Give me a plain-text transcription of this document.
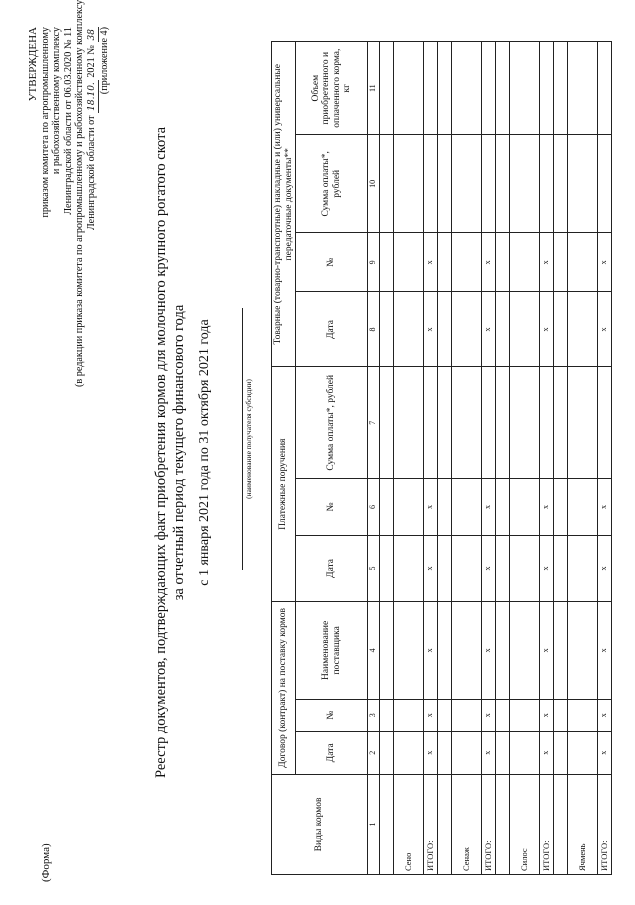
(Форма)
УТВЕРЖДЕНА приказом комитета по агропромышленному и рыбохозяйственному комплексу Ленинградской области от 06.03.2020 № 11 (в редакции приказа комитета по агропромышленному и рыбохозяйственному комплексу Ленинградской области от 18.10. 2021 № 38 (приложение 4)
Реестр документов, подтверждающих факт приобретения кормов для молочного крупного рогатого скота за отчетный период текущего финансового года с 1 января 2021 года по 31 октября 2021 года	(наименование получателя субсидии)
Виды кормов	Договор (контракт) на поставку кормов			Платежные поручения			Товарные (товарно-транспортные) накладные и (или) универсальные передаточные документы**			
	Дата	№	Наименование поставщика	Дата	№	Сумма оплаты*, рублей	Дата	№	Сумма оплаты*, рублей	Объем приобретенного и оплаченного корма, кг
1	2	3	4	5	6	7	8	9	10	11

Сено										
ИТОГО:	х	х	х	х	х		х	х		

Сенаж										
ИТОГО:	х	х	х	х	х		х	х		

Силос										
ИТОГО:	х	х	х	х	х		х	х		

Ячмень										
ИТОГО:	х	х	х	х	х		х	х		
